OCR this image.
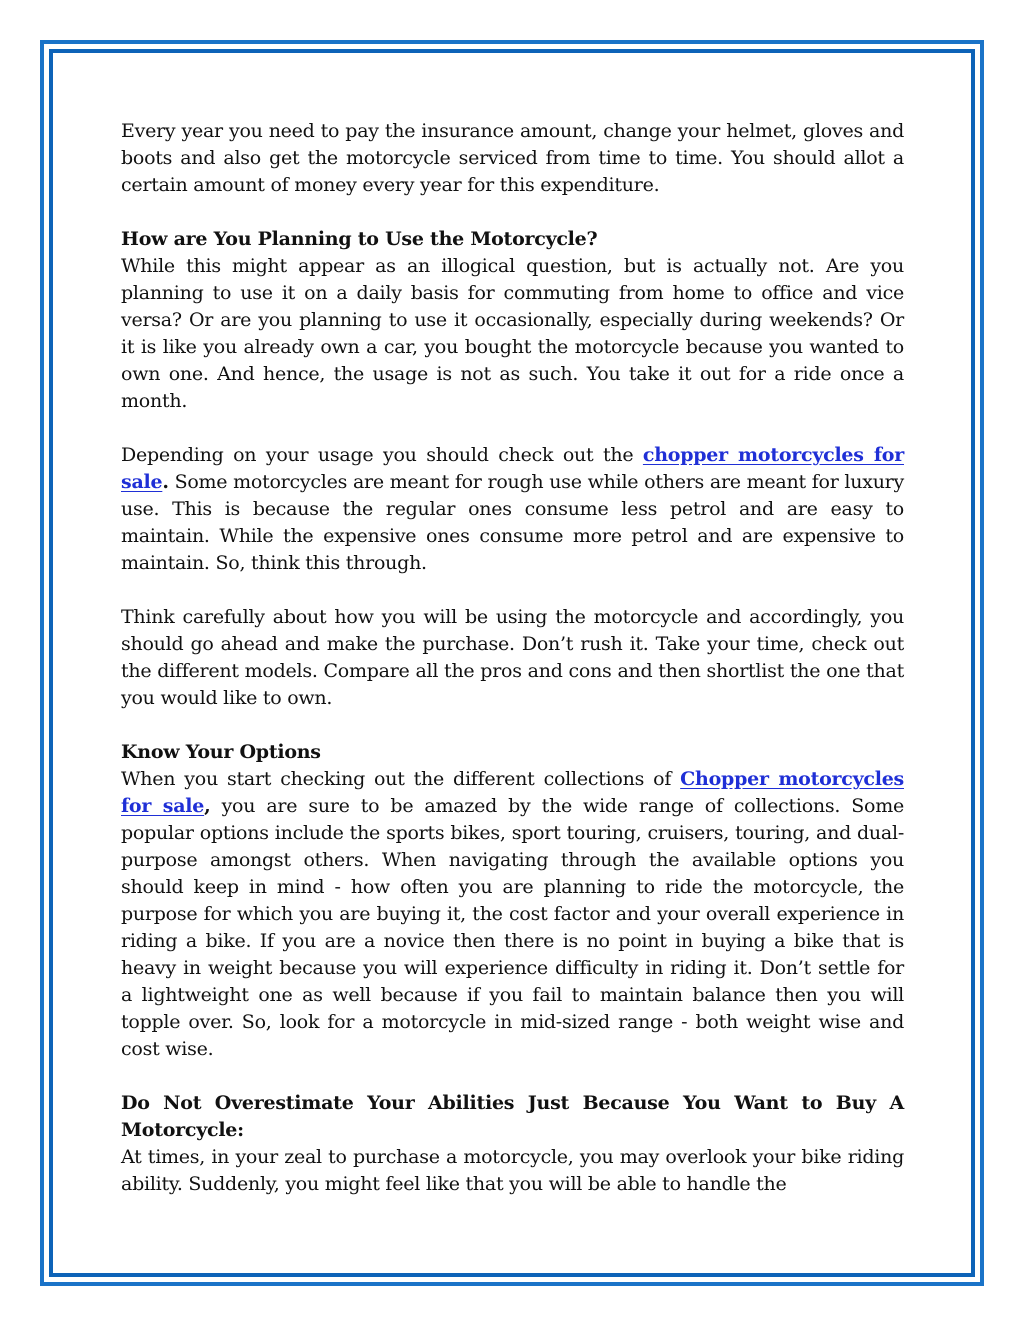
Every year you need to pay the insurance amount, change your helmet, gloves and boots and also get the motorcycle serviced from time to time. You should allot a certain amount of money every year for this expenditure.

How are You Planning to Use the Motorcycle?

While this might appear as an illogical question, but is actually not. Are you planning to use it on a daily basis for commuting from home to office and vice versa? Or are you planning to use it occasionally, especially during weekends? Or it is like you already own a car, you bought the motorcycle because you wanted to own one. And hence, the usage is not as such. You take it out for a ride once a month.

Depending on your usage you should check out the chopper motorcycles for sale. Some motorcycles are meant for rough use while others are meant for luxury use. This is because the regular ones consume less petrol and are easy to maintain. While the expensive ones consume more petrol and are expensive to maintain. So, think this through.

Think carefully about how you will be using the motorcycle and accordingly, you should go ahead and make the purchase. Don’t rush it. Take your time, check out the different models. Compare all the pros and cons and then shortlist the one that you would like to own.

Know Your Options

When you start checking out the different collections of Chopper motorcycles for sale, you are sure to be amazed by the wide range of collections. Some popular options include the sports bikes, sport touring, cruisers, touring, and dual-purpose amongst others. When navigating through the available options you should keep in mind - how often you are planning to ride the motorcycle, the purpose for which you are buying it, the cost factor and your overall experience in riding a bike. If you are a novice then there is no point in buying a bike that is heavy in weight because you will experience difficulty in riding it. Don’t settle for a lightweight one as well because if you fail to maintain balance then you will topple over. So, look for a motorcycle in mid-sized range - both weight wise and cost wise.

Do Not Overestimate Your Abilities Just Because You Want to Buy A Motorcycle:

At times, in your zeal to purchase a motorcycle, you may overlook your bike riding ability. Suddenly, you might feel like that you will be able to handle the
